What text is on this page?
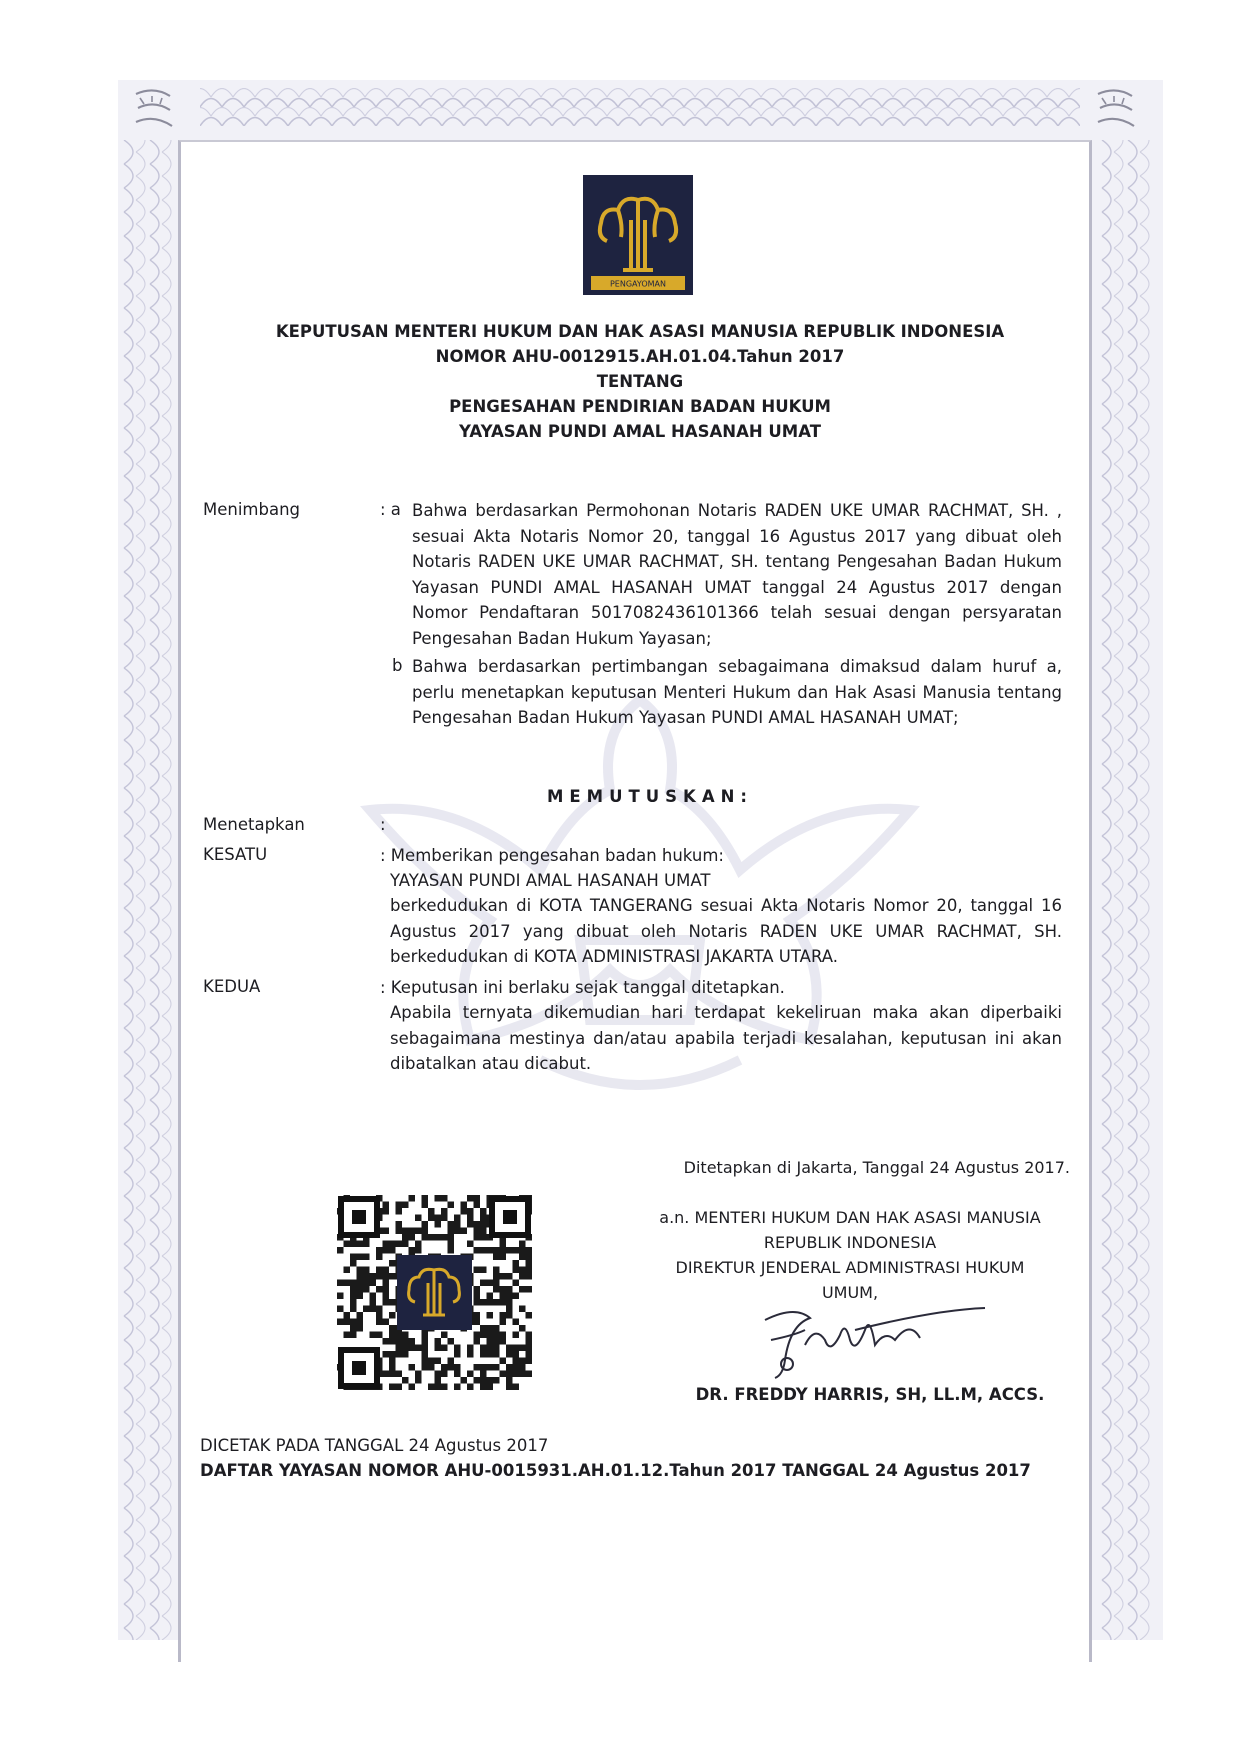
PENGAYOMAN
KEPUTUSAN MENTERI HUKUM DAN HAK ASASI MANUSIA REPUBLIK INDONESIA
NOMOR AHU-0012915.AH.01.04.Tahun 2017
TENTANG
PENGESAHAN PENDIRIAN BADAN HUKUM
YAYASAN PUNDI AMAL HASANAH UMAT
Menimbang	: a Bahwa berdasarkan Permohonan Notaris RADEN UKE UMAR RACHMAT, SH. , sesuai Akta Notaris Nomor 20, tanggal 16 Agustus 2017 yang dibuat oleh Notaris RADEN UKE UMAR RACHMAT, SH. tentang Pengesahan Badan Hukum Yayasan PUNDI AMAL HASANAH UMAT tanggal 24 Agustus 2017 dengan Nomor Pendaftaran 5017082436101366 telah sesuai dengan persyaratan Pengesahan Badan Hukum Yayasan;
b Bahwa berdasarkan pertimbangan sebagaimana dimaksud dalam huruf a, perlu menetapkan keputusan Menteri Hukum dan Hak Asasi Manusia tentang Pengesahan Badan Hukum Yayasan PUNDI AMAL HASANAH UMAT;
MEMUTUSKAN:
Menetapkan	:
KESATU	: Memberikan pengesahan badan hukum:
YAYASAN PUNDI AMAL HASANAH UMAT
berkedudukan di KOTA TANGERANG sesuai Akta Notaris Nomor 20, tanggal 16 Agustus 2017 yang dibuat oleh Notaris RADEN UKE UMAR RACHMAT, SH. berkedudukan di KOTA ADMINISTRASI JAKARTA UTARA.
KEDUA	: Keputusan ini berlaku sejak tanggal ditetapkan.
Apabila ternyata dikemudian hari terdapat kekeliruan maka akan diperbaiki sebagaimana mestinya dan/atau apabila terjadi kesalahan, keputusan ini akan dibatalkan atau dicabut.
Ditetapkan di Jakarta, Tanggal 24 Agustus 2017.
a.n. MENTERI HUKUM DAN HAK ASASI MANUSIA
REPUBLIK INDONESIA
DIREKTUR JENDERAL ADMINISTRASI HUKUM
UMUM,
DR. FREDDY HARRIS, SH, LL.M, ACCS.
DICETAK PADA TANGGAL 24 Agustus 2017
DAFTAR YAYASAN NOMOR AHU-0015931.AH.01.12.Tahun 2017 TANGGAL 24 Agustus 2017
